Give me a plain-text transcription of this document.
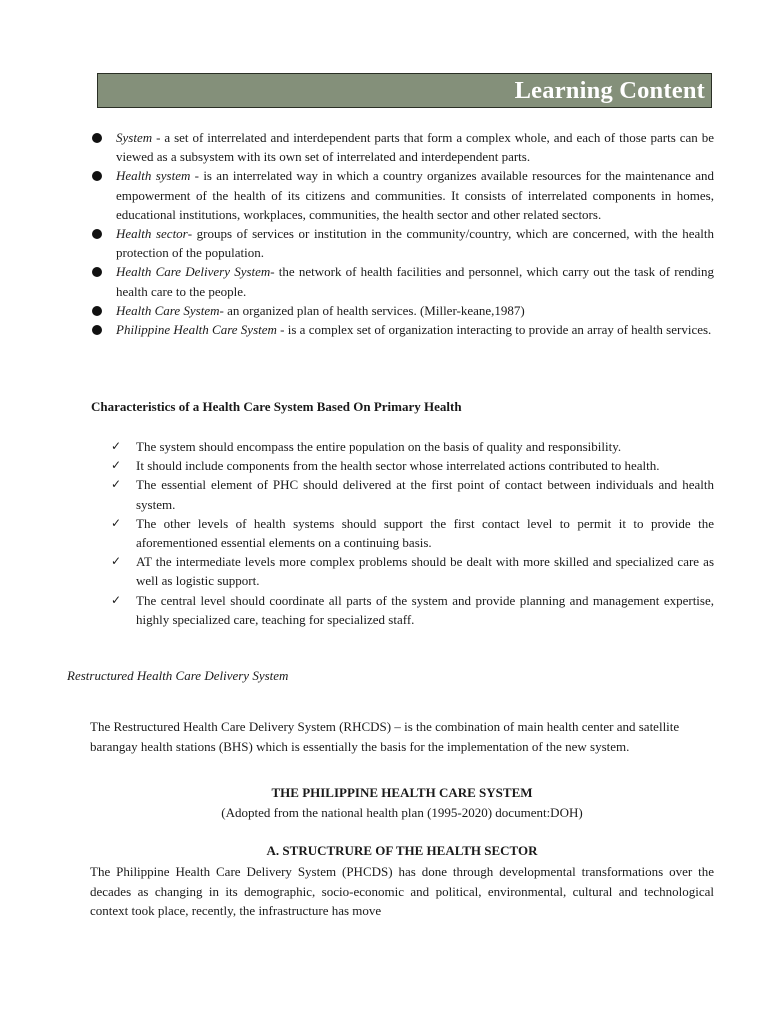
Learning Content
System - a set of interrelated and interdependent parts that form a complex whole, and each of those parts can be viewed as a subsystem with its own set of interrelated and interdependent parts.
Health system - is an interrelated way in which a country organizes available resources for the maintenance and empowerment of the health of its citizens and communities. It consists of interrelated components in homes, educational institutions, workplaces, communities, the health sector and other related sectors.
Health sector- groups of services or institution in the community/country, which are concerned, with the health protection of the population.
Health Care Delivery System- the network of health facilities and personnel, which carry out the task of rending health care to the people.
Health Care System- an organized plan of health services. (Miller-keane,1987)
Philippine Health Care System - is a complex set of organization interacting to provide an array of health services.
Characteristics of a Health Care System Based On Primary Health
✓ The system should encompass the entire population on the basis of quality and responsibility.
✓ It should include components from the health sector whose interrelated actions contributed to health.
✓ The essential element of PHC should delivered at the first point of contact between individuals and health system.
✓ The other levels of health systems should support the first contact level to permit it to provide the aforementioned essential elements on a continuing basis.
✓ AT the intermediate levels more complex problems should be dealt with more skilled and specialized care as well as logistic support.
✓ The central level should coordinate all parts of the system and provide planning and management expertise, highly specialized care, teaching for specialized staff.
Restructured Health Care Delivery System

The Restructured Health Care Delivery System (RHCDS) – is the combination of main health center and satellite barangay health stations (BHS) which is essentially the basis for the implementation of the new system.

THE PHILIPPINE HEALTH CARE SYSTEM

(Adopted from the national health plan (1995-2020) document:DOH)

A. STRUCTRURE OF THE HEALTH SECTOR

The Philippine Health Care Delivery System (PHCDS) has done through developmental transformations over the decades as changing in its demographic, socio-economic and political, environmental, cultural and technological context took place, recently, the infrastructure has move
